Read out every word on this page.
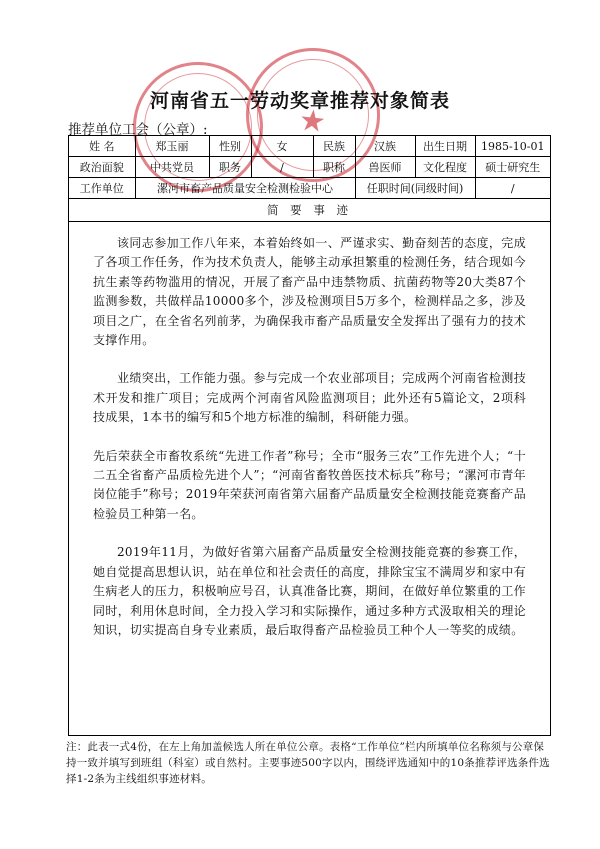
★
河南省五一劳动奖章推荐对象简表
推荐单位工会（公章）:
姓 名	郑玉丽	性别	女	民族	汉族	出生日期	1985-10-01
政治面貌	中共党员	职务	/	职称	兽医师	文化程度	硕士研究生
工作单位	漯河市畜产品质量安全检测检验中心				任职时间(同级时间)		/
简 要 事 迹

该同志参加工作八年来，本着始终如一、严谨求实、勤奋刻苦的态度，完成了各项工作任务，作为技术负责人，能够主动承担繁重的检测任务，结合现如今抗生素等药物滥用的情况，开展了畜产品中违禁物质、抗菌药物等20大类87个监测参数，共做样品10000多个，涉及检测项目5万多个，检测样品之多，涉及项目之广，在全省名列前茅，为确保我市畜产品质量安全发挥出了强有力的技术支撑作用。

业绩突出，工作能力强。参与完成一个农业部项目；完成两个河南省检测技术开发和推广项目；完成两个河南省风险监测项目；此外还有5篇论文，2项科技成果，1本书的编写和5个地方标准的编制，科研能力强。

先后荣获全市畜牧系统“先进工作者”称号；全市“服务三农”工作先进个人；“十二五全省畜产品质检先进个人”；“河南省畜牧兽医技术标兵”称号；“漯河市青年岗位能手”称号；2019年荣获河南省第六届畜产品质量安全检测技能竞赛畜产品检验员工种第一名。

2019年11月，为做好省第六届畜产品质量安全检测技能竞赛的参赛工作，她自觉提高思想认识，站在单位和社会责任的高度，排除宝宝不满周岁和家中有生病老人的压力，积极响应号召，认真准备比赛，期间，在做好单位繁重的工作同时，利用休息时间，全力投入学习和实际操作，通过多种方式汲取相关的理论知识，切实提高自身专业素质，最后取得畜产品检验员工种个人一等奖的成绩。

注：此表一式4份，在左上角加盖候选人所在单位公章。表格“工作单位”栏内所填单位名称须与公章保持一致并填写到班组（科室）或自然村。主要事迹500字以内，围绕评选通知中的10条推荐评选条件选择1-2条为主线组织事迹材料。
